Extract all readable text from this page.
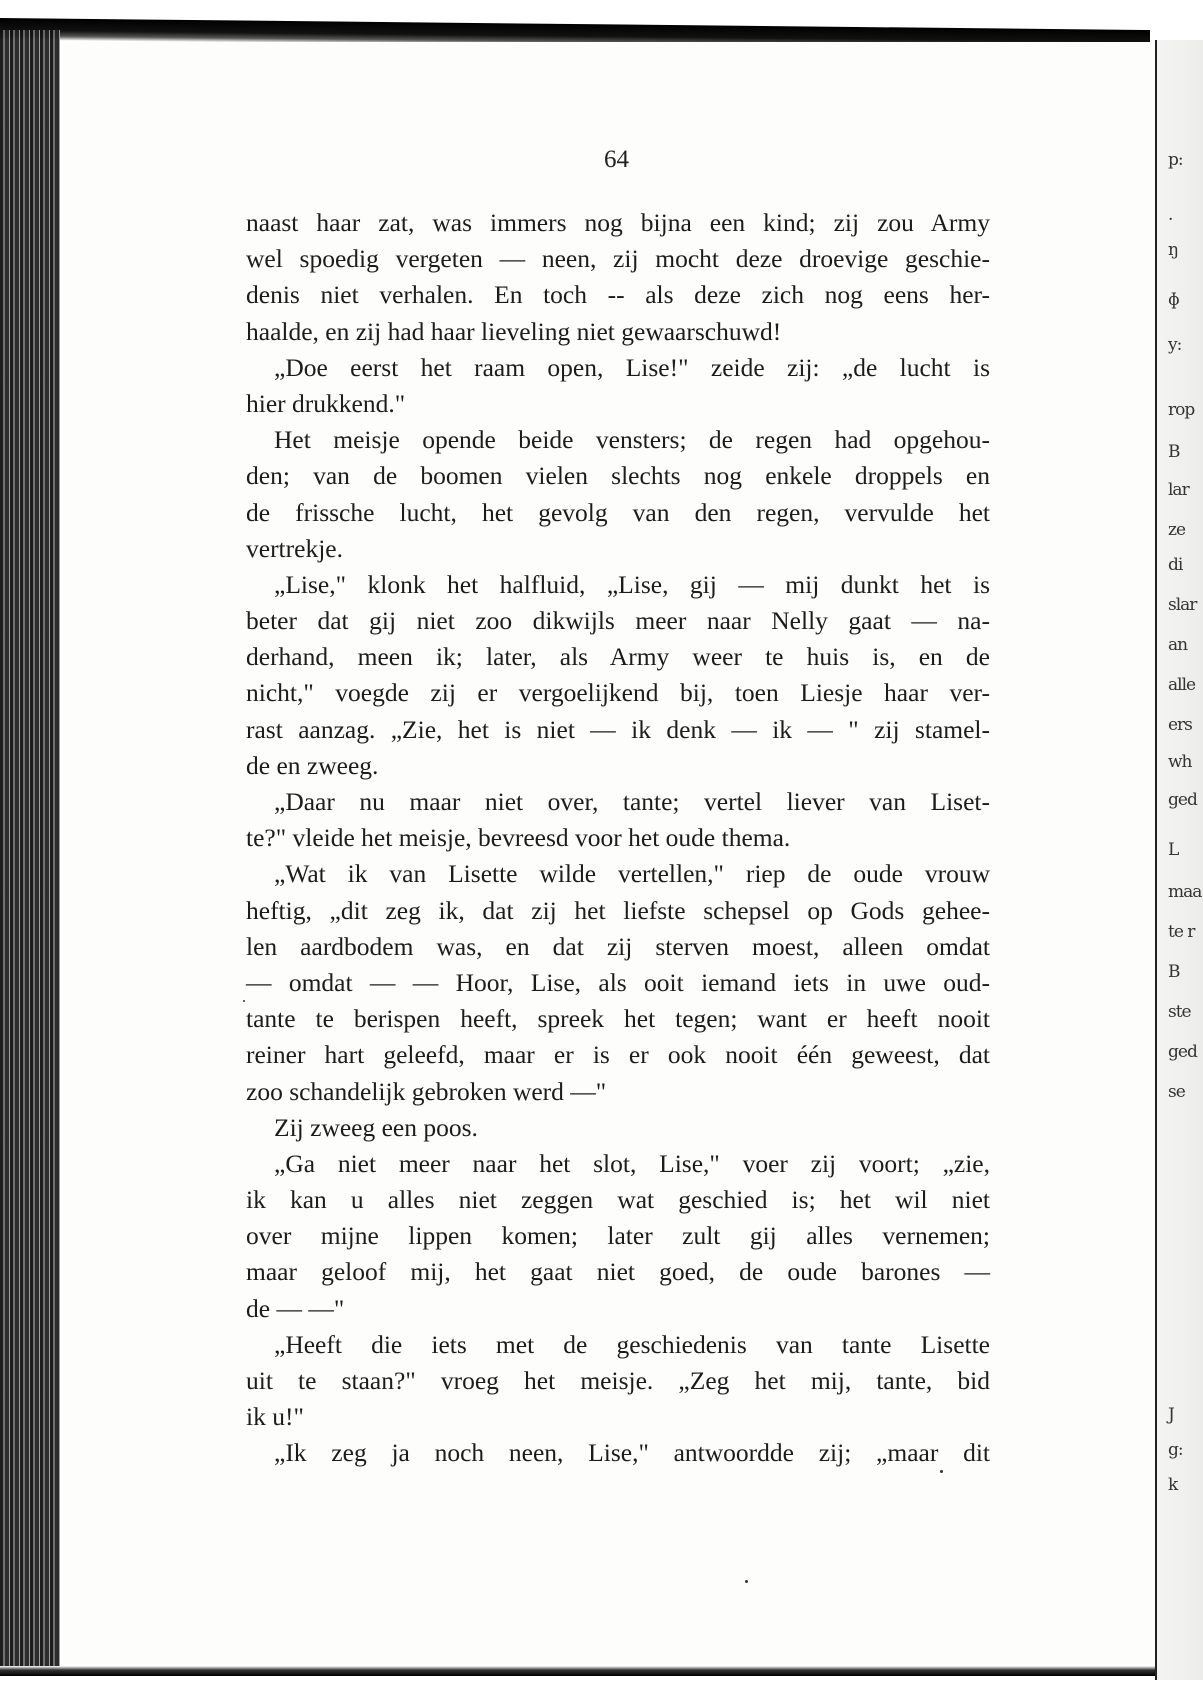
p:
.
ŋ
ɸ
y:
rop
B
lar
ze
di
slar
an
alle
ers
wh
ged
L
maa
te r
B
ste
ged
se
J
g:
k
64
naast haar zat, was immers nog bijna een kind; zij zou Army
wel spoedig vergeten — neen, zij mocht deze droevige geschie-
denis niet verhalen. En toch -- als deze zich nog eens her-
haalde, en zij had haar lieveling niet gewaarschuwd!
„Doe eerst het raam open, Lise!" zeide zij: „de lucht is
hier drukkend."
Het meisje opende beide vensters; de regen had opgehou-
den; van de boomen vielen slechts nog enkele droppels en
de frissche lucht, het gevolg van den regen, vervulde het
vertrekje.
„Lise," klonk het halfluid, „Lise, gij — mij dunkt het is
beter dat gij niet zoo dikwijls meer naar Nelly gaat — na-
derhand, meen ik; later, als Army weer te huis is, en de
nicht," voegde zij er vergoelijkend bij, toen Liesje haar ver-
rast aanzag. „Zie, het is niet — ik denk — ik — " zij stamel-
de en zweeg.
„Daar nu maar niet over, tante; vertel liever van Liset-
te?" vleide het meisje, bevreesd voor het oude thema.
„Wat ik van Lisette wilde vertellen," riep de oude vrouw
heftig, „dit zeg ik, dat zij het liefste schepsel op Gods gehee-
len aardbodem was, en dat zij sterven moest, alleen omdat
— omdat — — Hoor, Lise, als ooit iemand iets in uwe oud-
tante te berispen heeft, spreek het tegen; want er heeft nooit
reiner hart geleefd, maar er is er ook nooit één geweest, dat
zoo schandelijk gebroken werd —"
Zij zweeg een poos.
„Ga niet meer naar het slot, Lise," voer zij voort; „zie,
ik kan u alles niet zeggen wat geschied is; het wil niet
over mijne lippen komen; later zult gij alles vernemen;
maar geloof mij, het gaat niet goed, de oude barones —
de — —"
„Heeft die iets met de geschiedenis van tante Lisette
uit te staan?" vroeg het meisje. „Zeg het mij, tante, bid
ik u!"
„Ik zeg ja noch neen, Lise," antwoordde zij; „maar dit
